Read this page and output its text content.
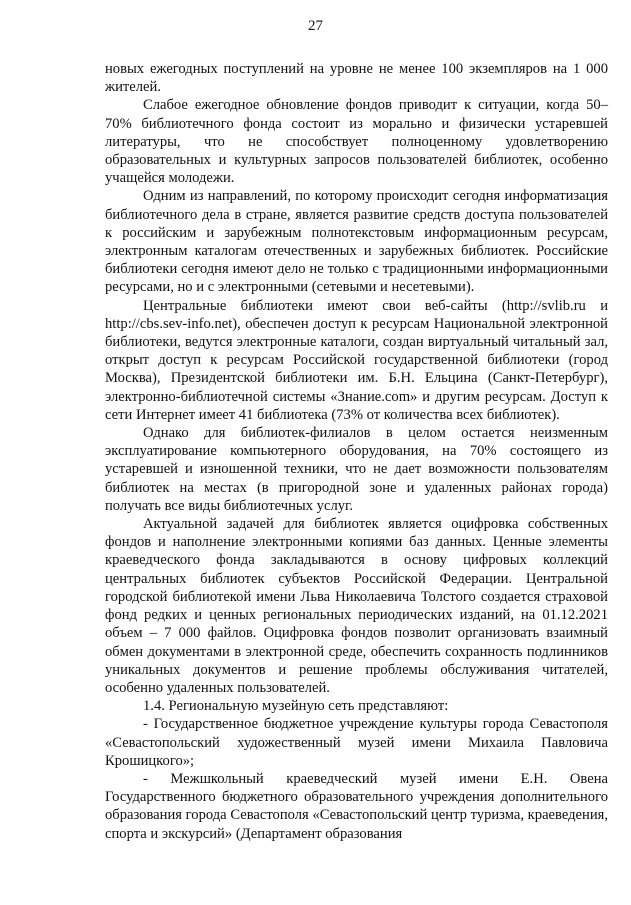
27

новых ежегодных поступлений на уровне не менее 100 экземпляров на 1 000 жителей.

Слабое ежегодное обновление фондов приводит к ситуации, когда 50–70% библиотечного фонда состоит из морально и физически устаревшей литературы, что не способствует полноценному удовлетворению образовательных и культурных запросов пользователей библиотек, особенно учащейся молодежи.

Одним из направлений, по которому происходит сегодня информатизация библиотечного дела в стране, является развитие средств доступа пользователей к российским и зарубежным полнотекстовым информационным ресурсам, электронным каталогам отечественных и зарубежных библиотек. Российские библиотеки сегодня имеют дело не только с традиционными информационными ресурсами, но и с электронными (сетевыми и несетевыми).

Центральные библиотеки имеют свои веб-сайты (http://svlib.ru и http://cbs.sev-info.net), обеспечен доступ к ресурсам Национальной электронной библиотеки, ведутся электронные каталоги, создан виртуальный читальный зал, открыт доступ к ресурсам Российской государственной библиотеки (город Москва), Президентской библиотеки им. Б.Н. Ельцина (Санкт-Петербург), электронно-библиотечной системы «Знание.com» и другим ресурсам. Доступ к сети Интернет имеет 41 библиотека (73% от количества всех библиотек).

Однако для библиотек-филиалов в целом остается неизменным эксплуатирование компьютерного оборудования, на 70% состоящего из устаревшей и изношенной техники, что не дает возможности пользователям библиотек на местах (в пригородной зоне и удаленных районах города) получать все виды библиотечных услуг.

Актуальной задачей для библиотек является оцифровка собственных фондов и наполнение электронными копиями баз данных. Ценные элементы краеведческого фонда закладываются в основу цифровых коллекций центральных библиотек субъектов Российской Федерации. Центральной городской библиотекой имени Льва Николаевича Толстого создается страховой фонд редких и ценных региональных периодических изданий, на 01.12.2021 объем – 7 000 файлов. Оцифровка фондов позволит организовать взаимный обмен документами в электронной среде, обеспечить сохранность подлинников уникальных документов и решение проблемы обслуживания читателей, особенно удаленных пользователей.

1.4. Региональную музейную сеть представляют:

- Государственное бюджетное учреждение культуры города Севастополя «Севастопольский художественный музей имени Михаила Павловича Крошицкого»;

- Межшкольный краеведческий музей имени Е.Н. Овена Государственного бюджетного образовательного учреждения дополнительного образования города Севастополя «Севастопольский центр туризма, краеведения, спорта и экскурсий» (Департамент образования
